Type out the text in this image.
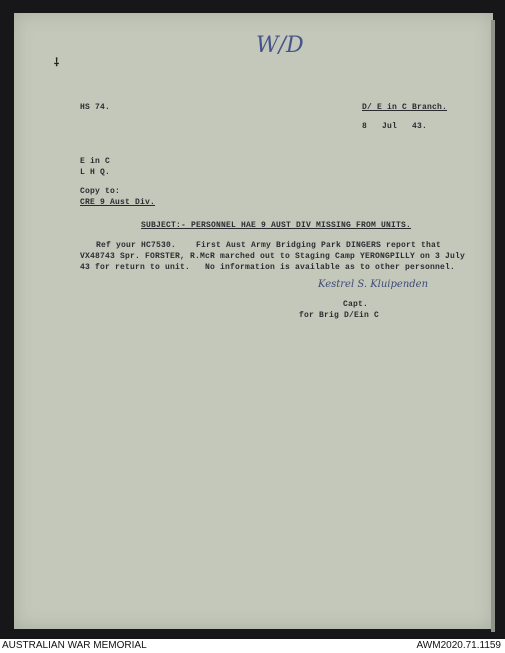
W/D
⸸
HS 74.	D/ E in C Branch.
8   Jul   43.
E in C
L H Q.
Copy to:
CRE 9 Aust Div.
SUBJECT:- PERSONNEL HAE 9 AUST DIV MISSING FROM UNITS.
Ref your HC7530.    First Aust Army Bridging Park DINGERS report that
VX48743 Spr. FORSTER, R.McR marched out to Staging Camp YERONGPILLY on 3 July
43 for return to unit.   No information is available as to other personnel.
Kestrel S. Kluipenden
Capt.
for Brig D/Ein C
AUSTRALIAN WAR MEMORIAL	AWM2020.71.1159
